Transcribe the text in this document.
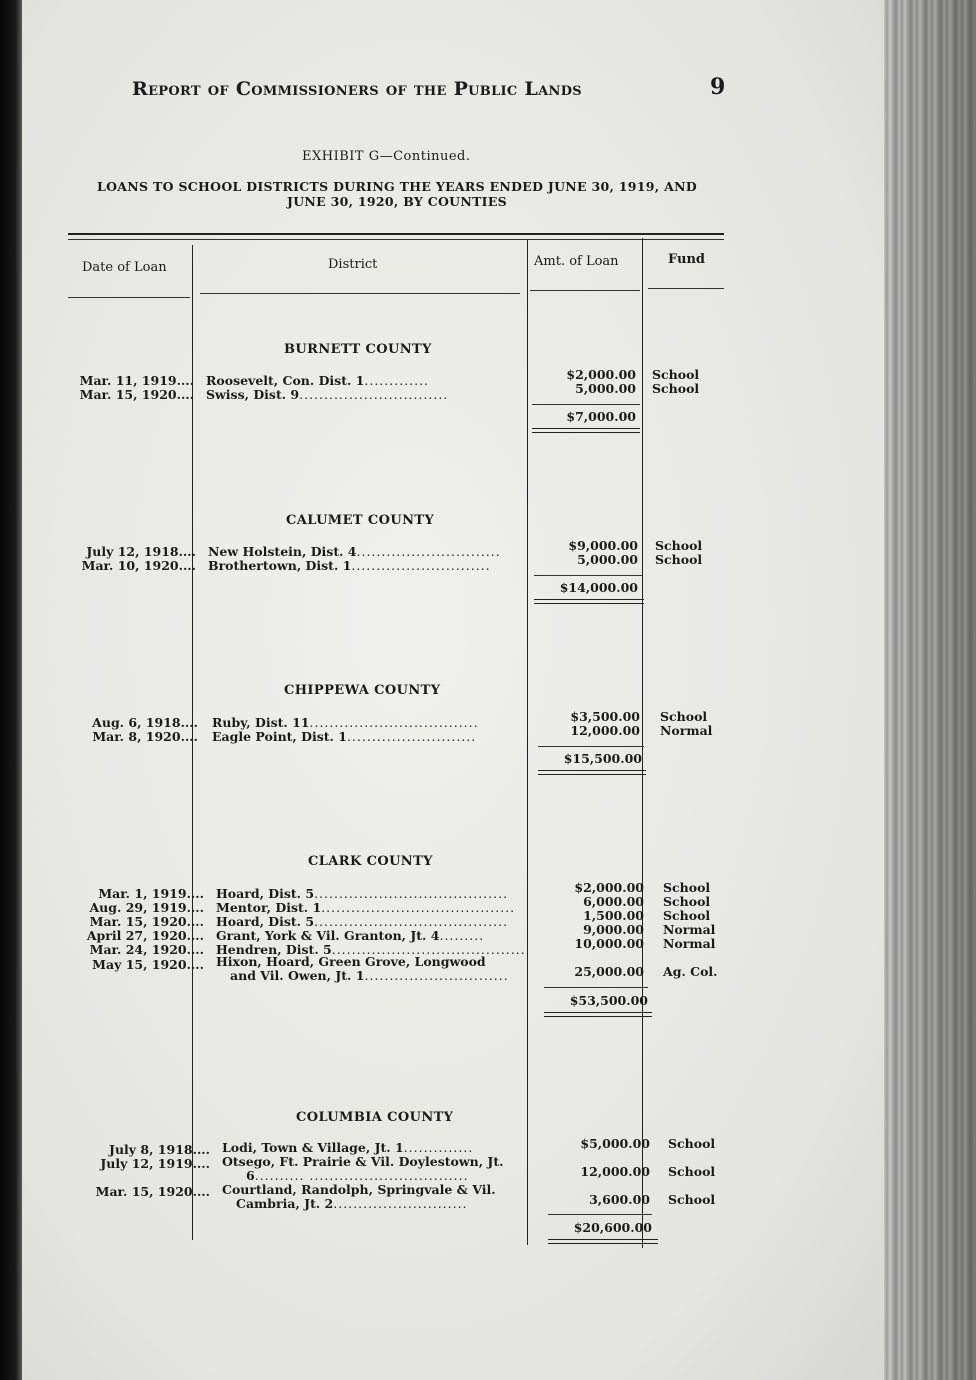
Report of Commissioners of the Public Lands	9
EXHIBIT G—Continued.
LOANS TO SCHOOL DISTRICTS DURING THE YEARS ENDED JUNE 30, 1919, AND
JUNE 30, 1920, BY COUNTIES
Date of Loan	District	Amt. of Loan	Fund
BURNETT COUNTY
Mar. 11, 1919.... Roosevelt, Con. Dist. 1.............	$2,000.00 School
Mar. 15, 1920.... Swiss, Dist. 9..............................	5,000.00 School
$7,000.00
CALUMET COUNTY
July 12, 1918.... New Holstein, Dist. 4.............................	$9,000.00 School
Mar. 10, 1920.... Brothertown, Dist. 1............................	5,000.00 School
$14,000.00
CHIPPEWA COUNTY
Aug. 6, 1918.... Ruby, Dist. 11..................................	$3,500.00 School
Mar. 8, 1920.... Eagle Point, Dist. 1..........................	12,000.00 Normal
$15,500.00
CLARK COUNTY
Mar. 1, 1919.... Hoard, Dist. 5.......................................	$2,000.00 School
Aug. 29, 1919.... Mentor, Dist. 1.......................................	6,000.00 School
Mar. 15, 1920.... Hoard, Dist. 5.......................................	1,500.00 School
April 27, 1920.... Grant, York & Vil. Granton, Jt. 4.........	9,000.00 Normal
Mar. 24, 1920.... Hendren, Dist. 5.......................................	10,000.00 Normal
May 15, 1920.... Hixon, Hoard, Green Grove, Longwood
and Vil. Owen, Jt. 1.............................	25,000.00 Ag. Col.
$53,500.00
COLUMBIA COUNTY
July 8, 1918.... Lodi, Town & Village, Jt. 1..............	$5,000.00 School
July 12, 1919.... Otsego, Ft. Prairie & Vil. Doylestown, Jt.
6.......... ................................	12,000.00 School
Mar. 15, 1920.... Courtland, Randolph, Springvale & Vil.
Cambria, Jt. 2...........................	3,600.00 School
$20,600.00
